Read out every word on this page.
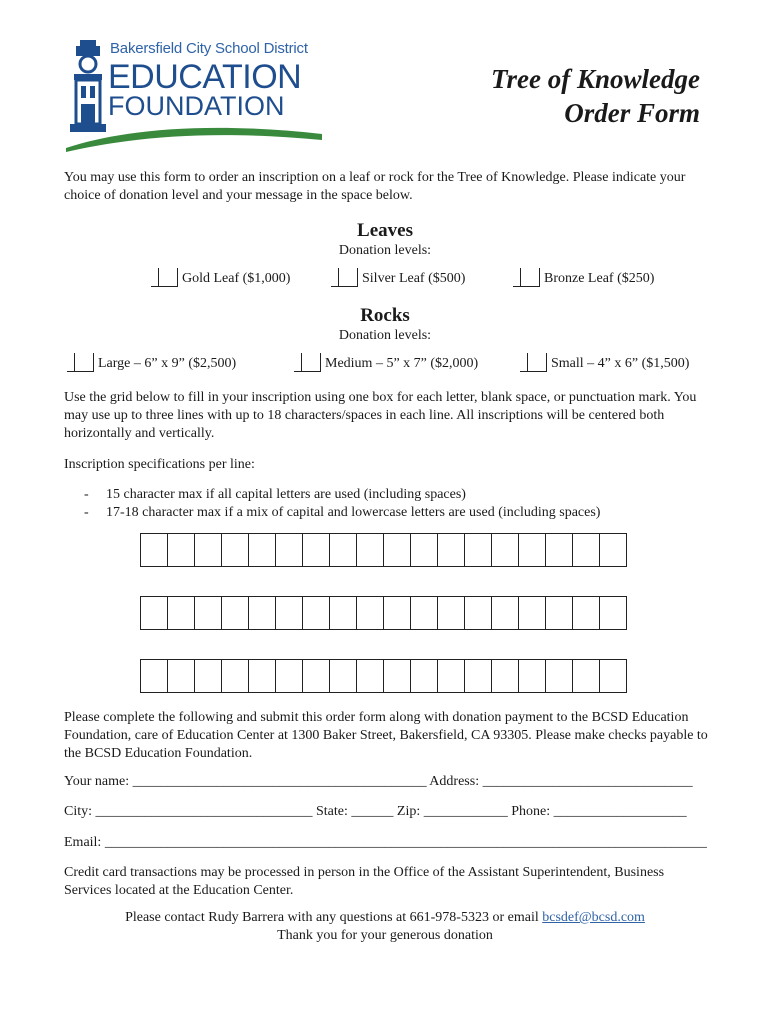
Bakersfield City School District
EDUCATION
FOUNDATION
Tree of Knowledge
Order Form
You may use this form to order an inscription on a leaf or rock for the Tree of Knowledge. Please indicate your choice of donation level and your message in the space below.
Leaves
Donation levels:
Gold Leaf ($1,000)	Silver Leaf ($500)	Bronze Leaf ($250)
Rocks
Donation levels:
Large – 6” x 9” ($2,500)	Medium – 5” x 7” ($2,000)	Small – 4” x 6” ($1,500)
Use the grid below to fill in your inscription using one box for each letter, blank space, or punctuation mark. You may use up to three lines with up to 18 characters/spaces in each line. All inscriptions will be centered both horizontally and vertically.
Inscription specifications per line:
-	15 character max if all capital letters are used (including spaces)
-	17-18 character max if a mix of capital and lowercase letters are used (including spaces)
Please complete the following and submit this order form along with donation payment to the BCSD Education Foundation, care of Education Center at 1300 Baker Street, Bakersfield, CA 93305. Please make checks payable to the BCSD Education Foundation.
Your name: __________________________________________ Address: ______________________________
City: _______________________________ State: ______ Zip: ____________ Phone: ___________________
Email: ______________________________________________________________________________________
Credit card transactions may be processed in person in the Office of the Assistant Superintendent, Business Services located at the Education Center.
Please contact Rudy Barrera with any questions at 661-978-5323 or email bcsdef@bcsd.com
Thank you for your generous donation
